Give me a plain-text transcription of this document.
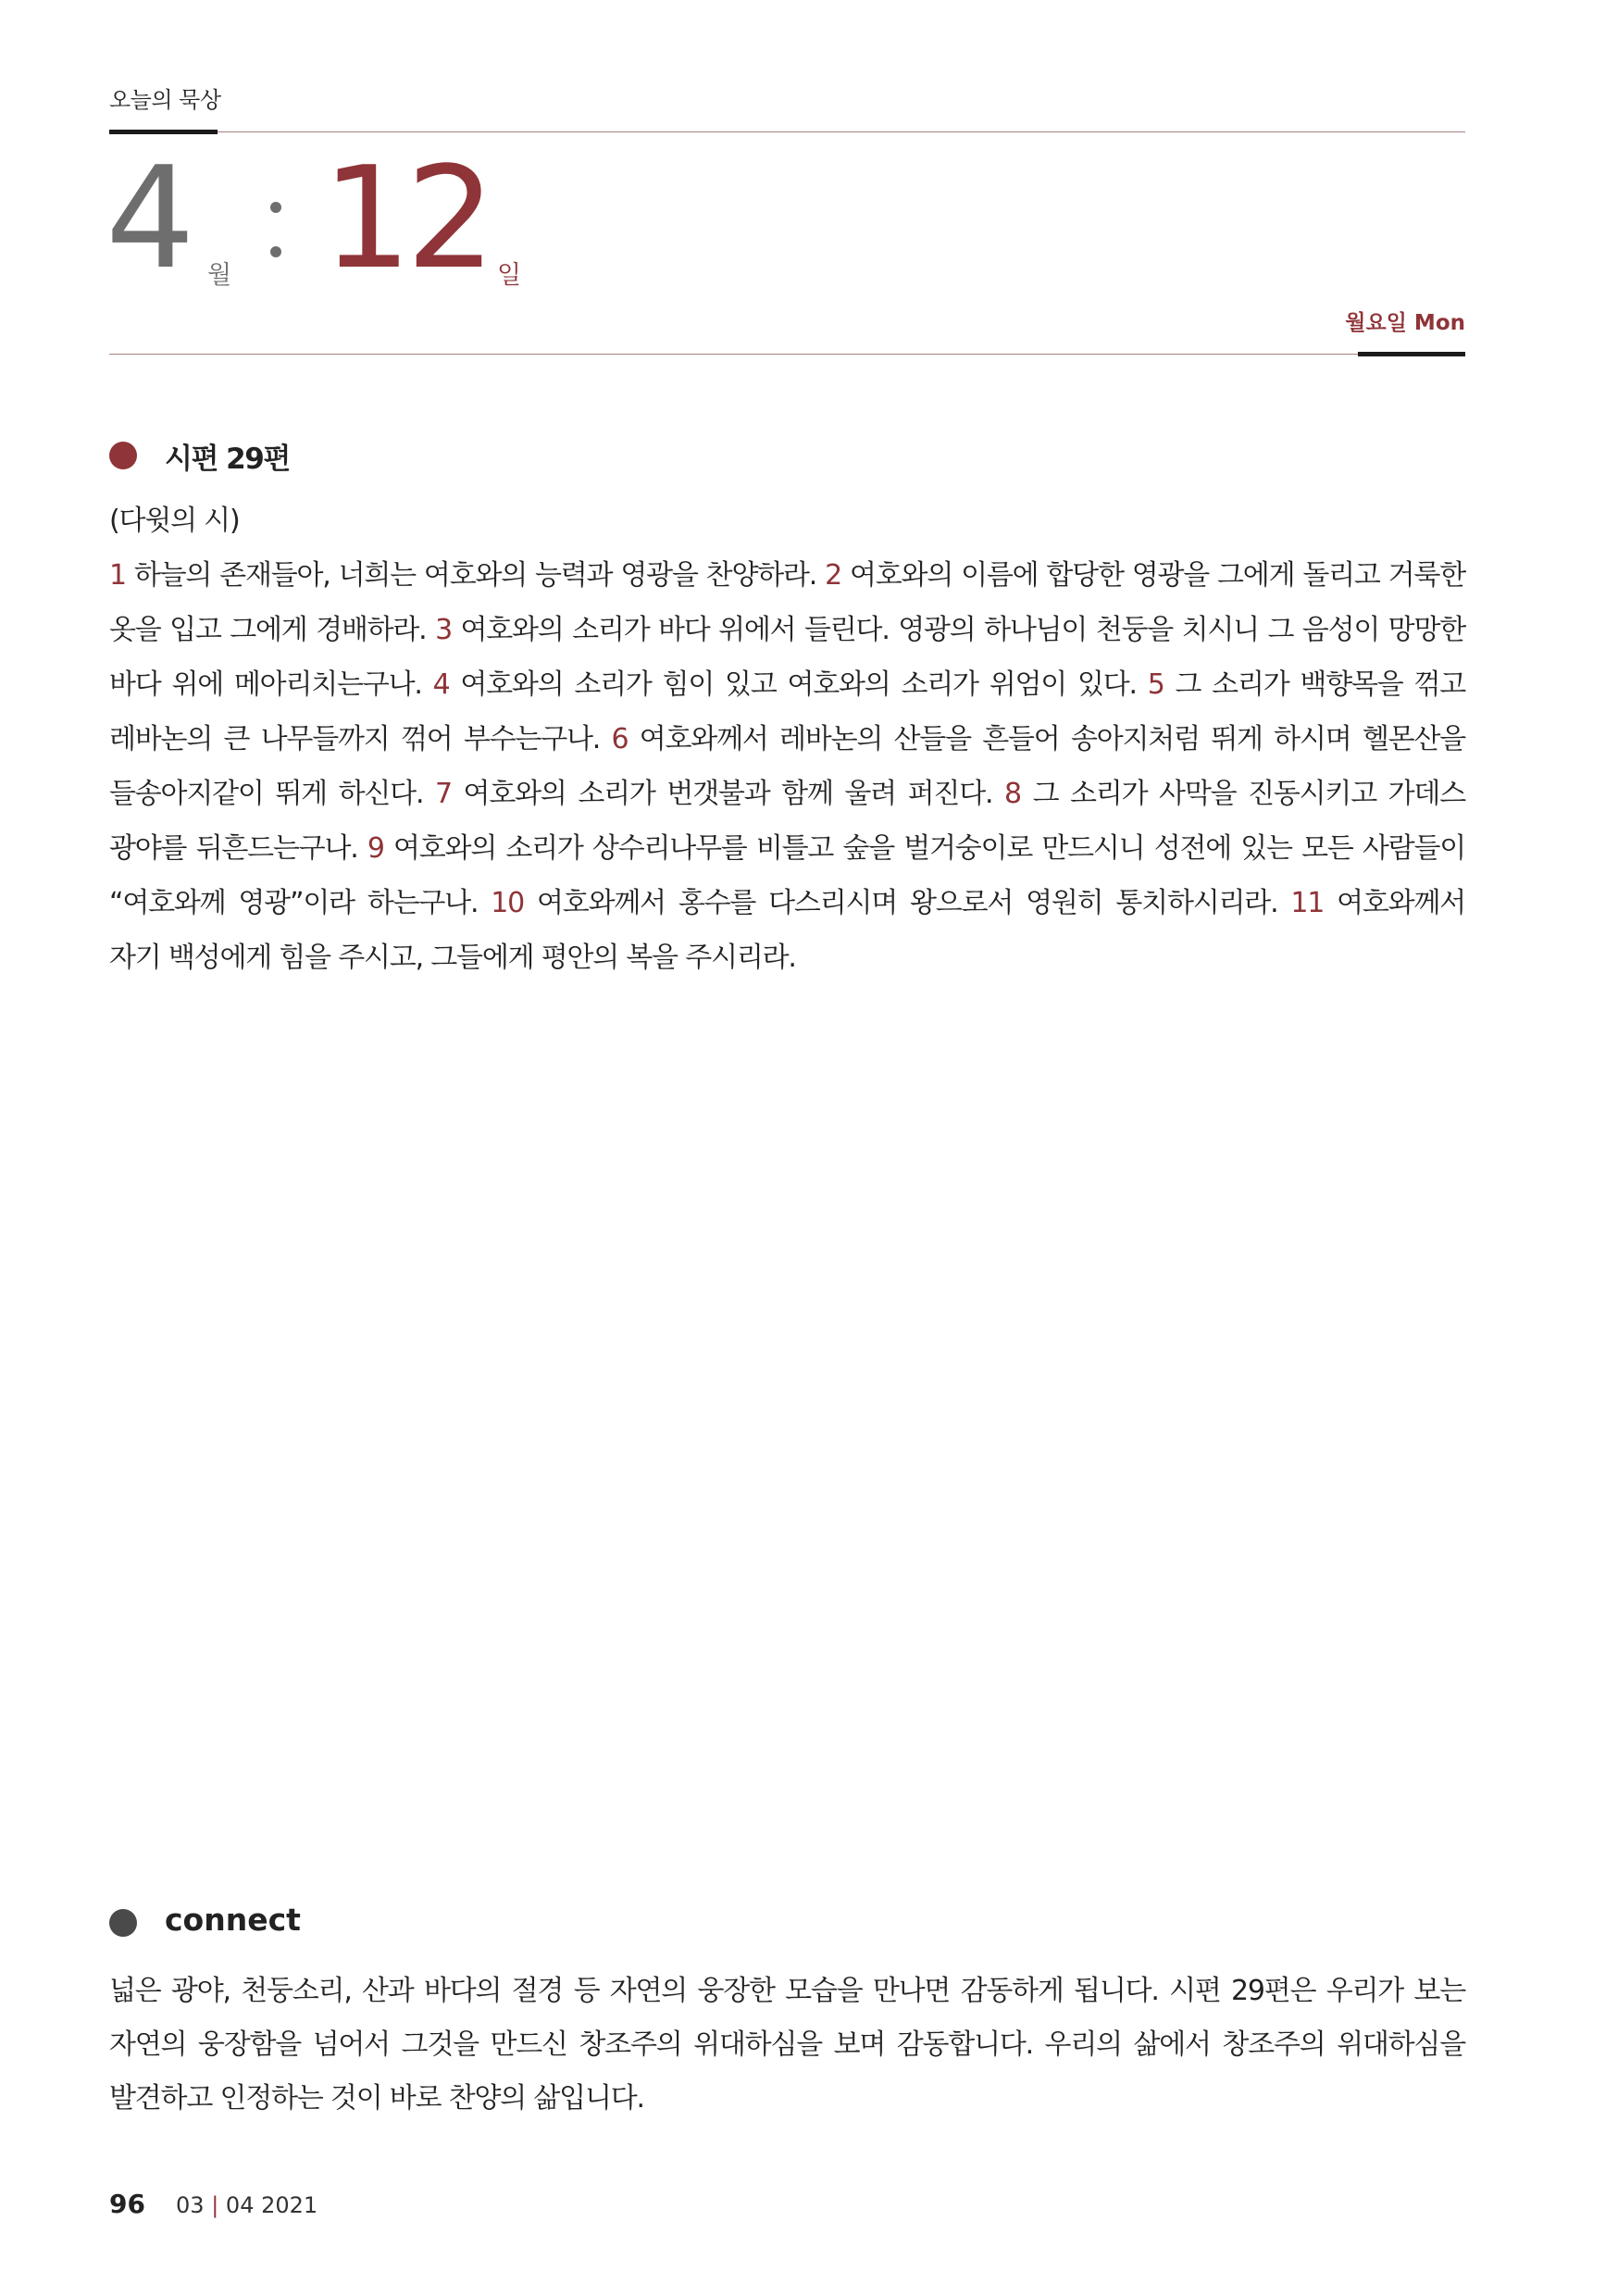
오늘의 묵상
4 월 12 일
월요일 Mon
시편 29편
(다윗의 시)
1 하늘의 존재들아, 너희는 여호와의 능력과 영광을 찬양하라. 2 여호와의 이름에 합당한 영광을 그에게 돌리고 거룩한 옷을 입고 그에게 경배하라. 3 여호와의 소리가 바다 위에서 들린다. 영광의 하나님이 천둥을 치시니 그 음성이 망망한 바다 위에 메아리치는구나. 4 여호와의 소리가 힘이 있고 여호와의 소리가 위엄이 있다. 5 그 소리가 백향목을 꺾고 레바논의 큰 나무들까지 꺾어 부수는구나. 6 여호와께서 레바논의 산들을 흔들어 송아지처럼 뛰게 하시며 헬몬산을 들송아지같이 뛰게 하신다. 7 여호와의 소리가 번갯불과 함께 울려 퍼진다. 8 그 소리가 사막을 진동시키고 가데스 광야를 뒤흔드는구나. 9 여호와의 소리가 상수리나무를 비틀고 숲을 벌거숭이로 만드시니 성전에 있는 모든 사람들이 “여호와께 영광”이라 하는구나. 10 여호와께서 홍수를 다스리시며 왕으로서 영원히 통치하시리라. 11 여호와께서 자기 백성에게 힘을 주시고, 그들에게 평안의 복을 주시리라.
connect
넓은 광야, 천둥소리, 산과 바다의 절경 등 자연의 웅장한 모습을 만나면 감동하게 됩니다. 시편 29편은 우리가 보는 자연의 웅장함을 넘어서 그것을 만드신 창조주의 위대하심을 보며 감동합니다. 우리의 삶에서 창조주의 위대하심을 발견하고 인정하는 것이 바로 찬양의 삶입니다.
96 03 | 04 2021
